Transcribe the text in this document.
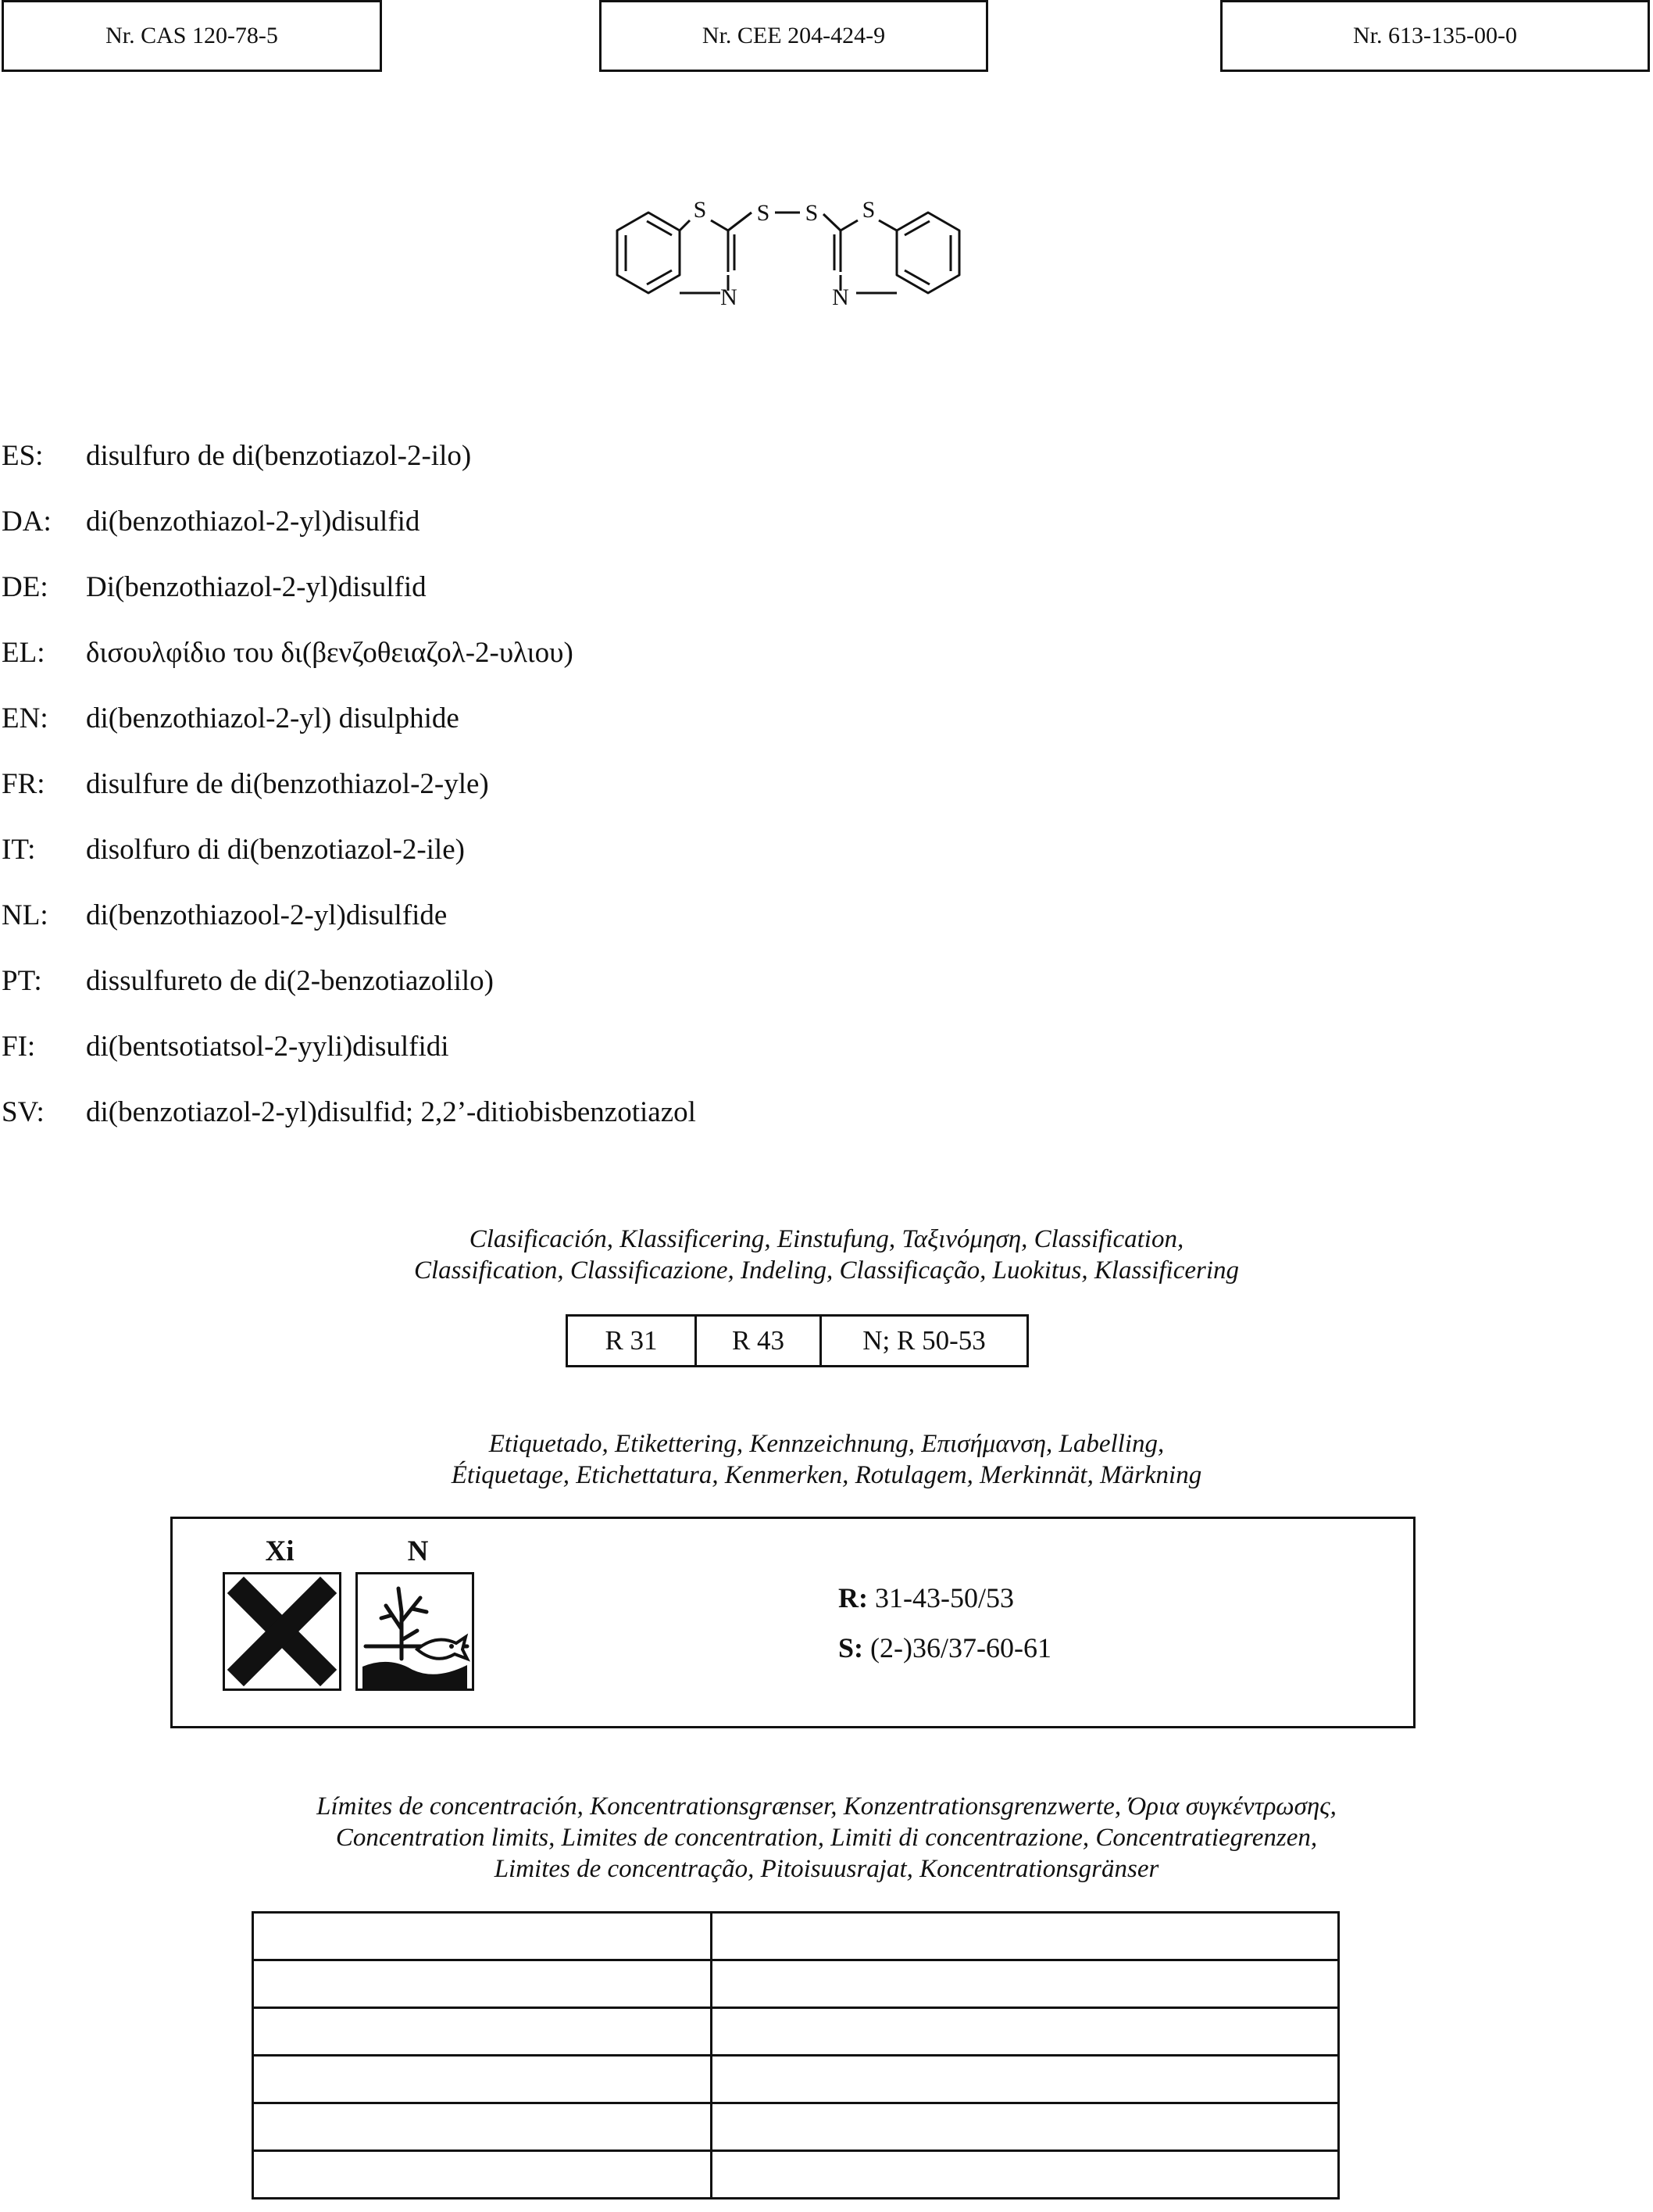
Nr. CAS 120-78-5	Nr. CEE 204-424-9	Nr. 613-135-00-0
S S S S
N	N
ES: disulfuro de di(benzotiazol-2-ilo)
DA: di(benzothiazol-2-yl)disulfid
DE: Di(benzothiazol-2-yl)disulfid
EL: δισουλφίδιο του δι(βενζοθειαζολ-2-υλιου)
EN: di(benzothiazol-2-yl) disulphide
FR: disulfure de di(benzothiazol-2-yle)
IT: disolfuro di di(benzotiazol-2-ile)
NL: di(benzothiazool-2-yl)disulfide
PT: dissulfureto de di(2-benzotiazolilo)
FI: di(bentsotiatsol-2-yyli)disulfidi
SV: di(benzotiazol-2-yl)disulfid; 2,2’-ditiobisbenzotiazol
Clasificación, Klassificering, Einstufung, Ταξινόμηση, Classification,
Classification, Classificazione, Indeling, Classificação, Luokitus, Klassificering
R 31	R 43	N; R 50-53
Etiquetado, Etikettering, Kennzeichnung, Επισήμανση, Labelling,
Étiquetage, Etichettatura, Kenmerken, Rotulagem, Merkinnät, Märkning
Xi	N
R: 31-43-50/53
S: (2-)36/37-60-61
Límites de concentración, Koncentrationsgrænser, Konzentrationsgrenzwerte, Όρια συγκέντρωσης,
Concentration limits, Limites de concentration, Limiti di concentrazione, Concentratiegrenzen,
Limites de concentração, Pitoisuusrajat, Koncentrationsgränser
